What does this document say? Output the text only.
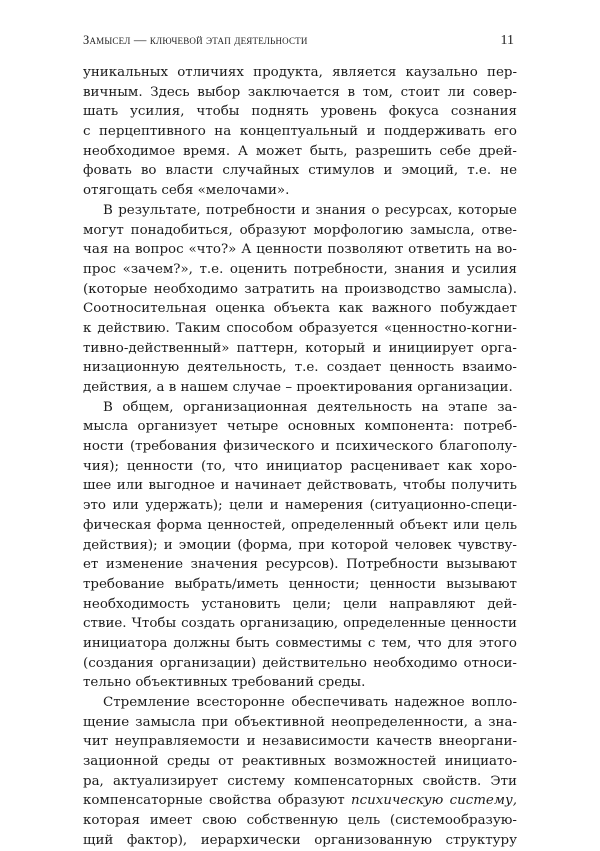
Замысел — ключевой этап деятельности	11
уникальных отличиях продукта, является каузально пер-
вичным. Здесь выбор заключается в том, стоит ли совер-
шать усилия, чтобы поднять уровень фокуса сознания
с перцептивного на концептуальный и поддерживать его
необходимое время. А может быть, разрешить себе дрей-
фовать во власти случайных стимулов и эмоций, т.е. не
отягощать себя «мелочами».
В результате, потребности и знания о ресурсах, которые
могут понадобиться, образуют морфологию замысла, отве-
чая на вопрос «что?» А ценности позволяют ответить на во-
прос «зачем?», т.е. оценить потребности, знания и усилия
(которые необходимо затратить на производство замысла).
Соотносительная оценка объекта как важного побуждает
к действию. Таким способом образуется «ценностно-когни-
тивно-действенный» паттерн, который и инициирует орга-
низационную деятельность, т.е. создает ценность взаимо-
действия, а в нашем случае – проектирования организации.
В общем, организационная деятельность на этапе за-
мысла организует четыре основных компонента: потреб-
ности (требования физического и психического благополу-
чия); ценности (то, что инициатор расценивает как хоро-
шее или выгодное и начинает действовать, чтобы получить
это или удержать); цели и намерения (ситуационно-специ-
фическая форма ценностей, определенный объект или цель
действия); и эмоции (форма, при которой человек чувству-
ет изменение значения ресурсов). Потребности вызывают
требование выбрать/иметь ценности; ценности вызывают
необходимость установить цели; цели направляют дей-
ствие. Чтобы создать организацию, определенные ценности
инициатора должны быть совместимы с тем, что для этого
(создания организации) действительно необходимо относи-
тельно объективных требований среды.
Стремление всесторонне обеспечивать надежное вопло-
щение замысла при объективной неопределенности, а зна-
чит неуправляемости и независимости качеств внеоргани-
зационной среды от реактивных возможностей инициато-
ра, актуализирует систему компенсаторных свойств. Эти
компенсаторные свойства образуют психическую систему,
которая имеет свою собственную цель (системообразую-
щий фактор), иерархически организованную структуру
